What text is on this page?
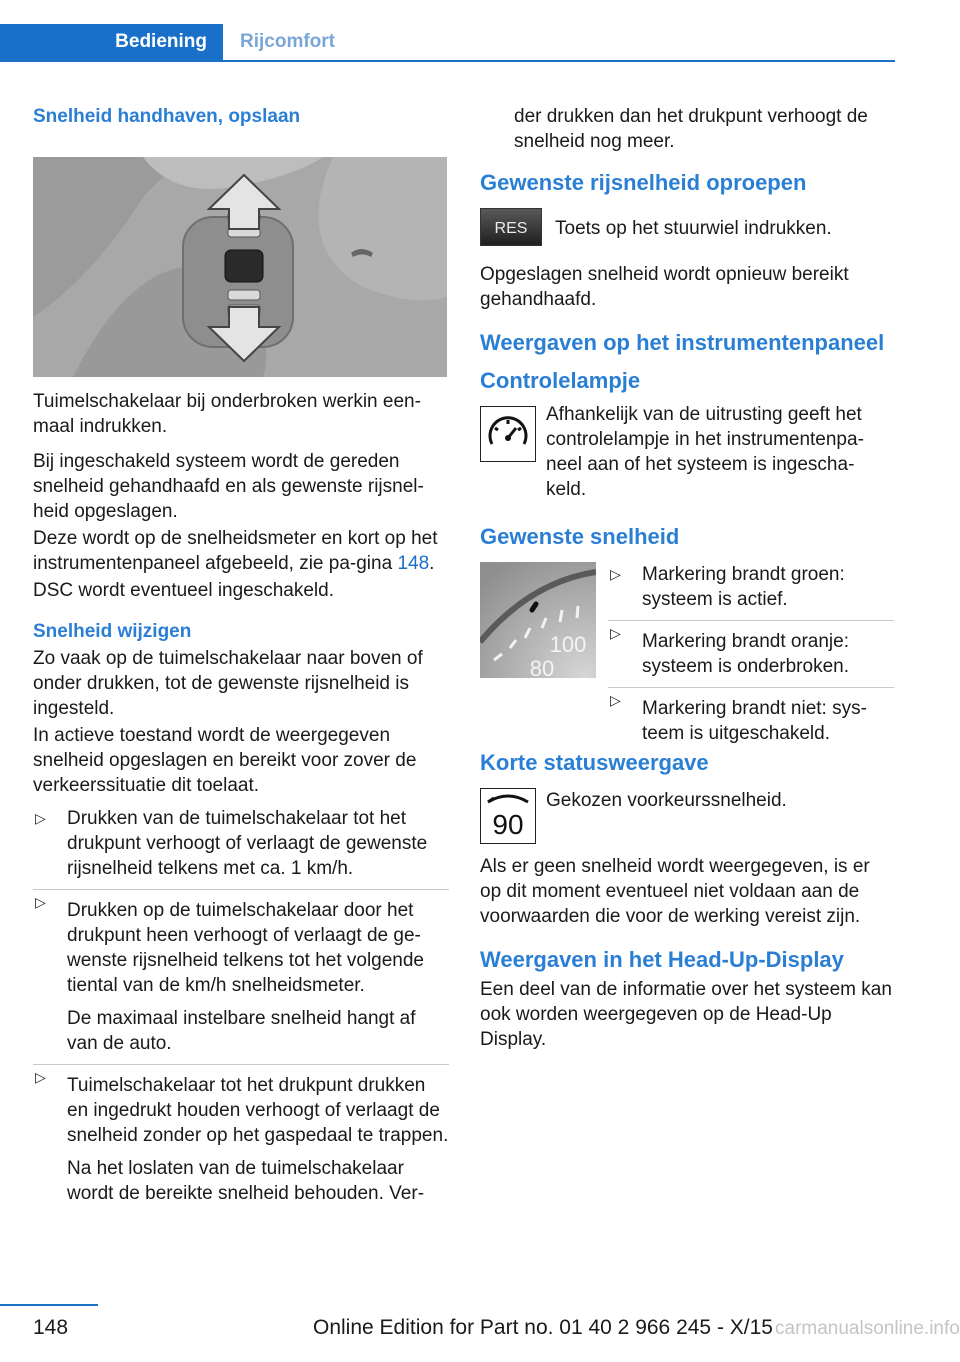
Bediening	Rijcomfort
Snelheid handhaven, opslaan

Tuimelschakelaar bij onderbroken werkin een-maal indrukken.

Bij ingeschakeld systeem wordt de gereden snelheid gehandhaafd en als gewenste rijsnel-heid opgeslagen.

Deze wordt op de snelheidsmeter en kort op het instrumentenpaneel afgebeeld, zie pa-gina 148.

DSC wordt eventueel ingeschakeld.

Snelheid wijzigen

Zo vaak op de tuimelschakelaar naar boven of onder drukken, tot de gewenste rijsnelheid is ingesteld.

In actieve toestand wordt de weergegeven snelheid opgeslagen en bereikt voor zover de verkeerssituatie dit toelaat.

▷ Drukken van de tuimelschakelaar tot het drukpunt verhoogt of verlaagt de gewenste rijsnelheid telkens met ca. 1 km/h.
▷ Drukken op de tuimelschakelaar door het drukpunt heen verhoogt of verlaagt de ge-wenste rijsnelheid telkens tot het volgende tiental van de km/h snelheidsmeter.
De maximaal instelbare snelheid hangt af van de auto.
▷ Tuimelschakelaar tot het drukpunt drukken en ingedrukt houden verhoogt of verlaagt de snelheid zonder op het gaspedaal te trappen.
Na het loslaten van de tuimelschakelaar wordt de bereikte snelheid behouden. Ver-

der drukken dan het drukpunt verhoogt de snelheid nog meer.

Gewenste rijsnelheid oproepen
RES	Toets op het stuurwiel indrukken.

Opgeslagen snelheid wordt opnieuw bereikt gehandhaafd.

Weergaven op het instrumentenpaneel
Controlelampje
Afhankelijk van de uitrusting geeft het controlelampje in het instrumentenpa-neel aan of het systeem is ingescha-keld.
Gewenste snelheid
100
80
▷ Markering brandt groen: systeem is actief.
▷ Markering brandt oranje: systeem is onderbroken.
▷ Markering brandt niet: sys-teem is uitgeschakeld.
Korte statusweergave
90
Gekozen voorkeurssnelheid.

Als er geen snelheid wordt weergegeven, is er op dit moment eventueel niet voldaan aan de voorwaarden die voor de werking vereist zijn.

Weergaven in het Head-Up-Display

Een deel van de informatie over het systeem kan ook worden weergegeven op de Head-Up Display.

148	Online Edition for Part no. 01 40 2 966 245 - X/15 carmanualsonline.info
